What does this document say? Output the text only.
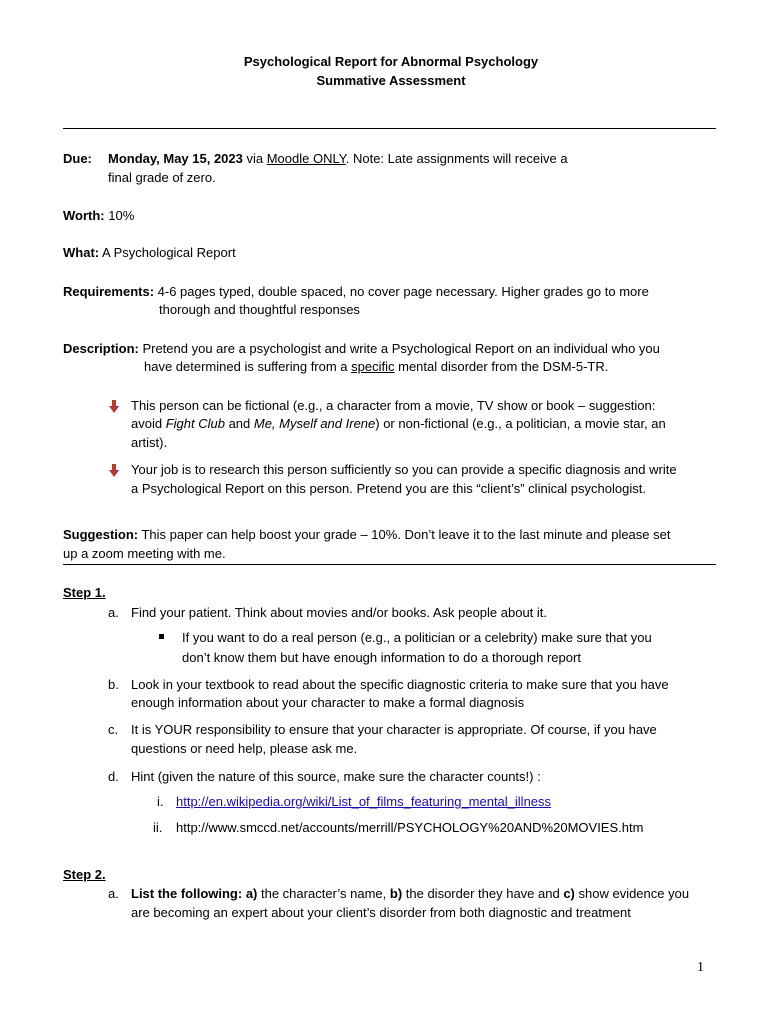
Psychological Report for Abnormal Psychology
Summative Assessment
Due: Monday, May 15, 2023 via Moodle ONLY. Note: Late assignments will receive a
final grade of zero.
Worth: 10%
What: A Psychological Report
Requirements: 4-6 pages typed, double spaced, no cover page necessary. Higher grades go to more
thorough and thoughtful responses
Description: Pretend you are a psychologist and write a Psychological Report on an individual who you
have determined is suffering from a specific mental disorder from the DSM-5-TR.
This person can be fictional (e.g., a character from a movie, TV show or book – suggestion:
avoid Fight Club and Me, Myself and Irene) or non-fictional (e.g., a politician, a movie star, an
artist).
Your job is to research this person sufficiently so you can provide a specific diagnosis and write
a Psychological Report on this person. Pretend you are this “client’s” clinical psychologist.
Suggestion: This paper can help boost your grade – 10%. Don’t leave it to the last minute and please set
up a zoom meeting with me.
Step 1.
a. Find your patient. Think about movies and/or books. Ask people about it.
If you want to do a real person (e.g., a politician or a celebrity) make sure that you
don’t know them but have enough information to do a thorough report
b. Look in your textbook to read about the specific diagnostic criteria to make sure that you have
enough information about your character to make a formal diagnosis
c. It is YOUR responsibility to ensure that your character is appropriate. Of course, if you have
questions or need help, please ask me.
d. Hint (given the nature of this source, make sure the character counts!) :
i. http://en.wikipedia.org/wiki/List_of_films_featuring_mental_illness
ii. http://www.smccd.net/accounts/merrill/PSYCHOLOGY%20AND%20MOVIES.htm
Step 2.
a. List the following: a) the character’s name, b) the disorder they have and c) show evidence you
are becoming an expert about your client’s disorder from both diagnostic and treatment
1
